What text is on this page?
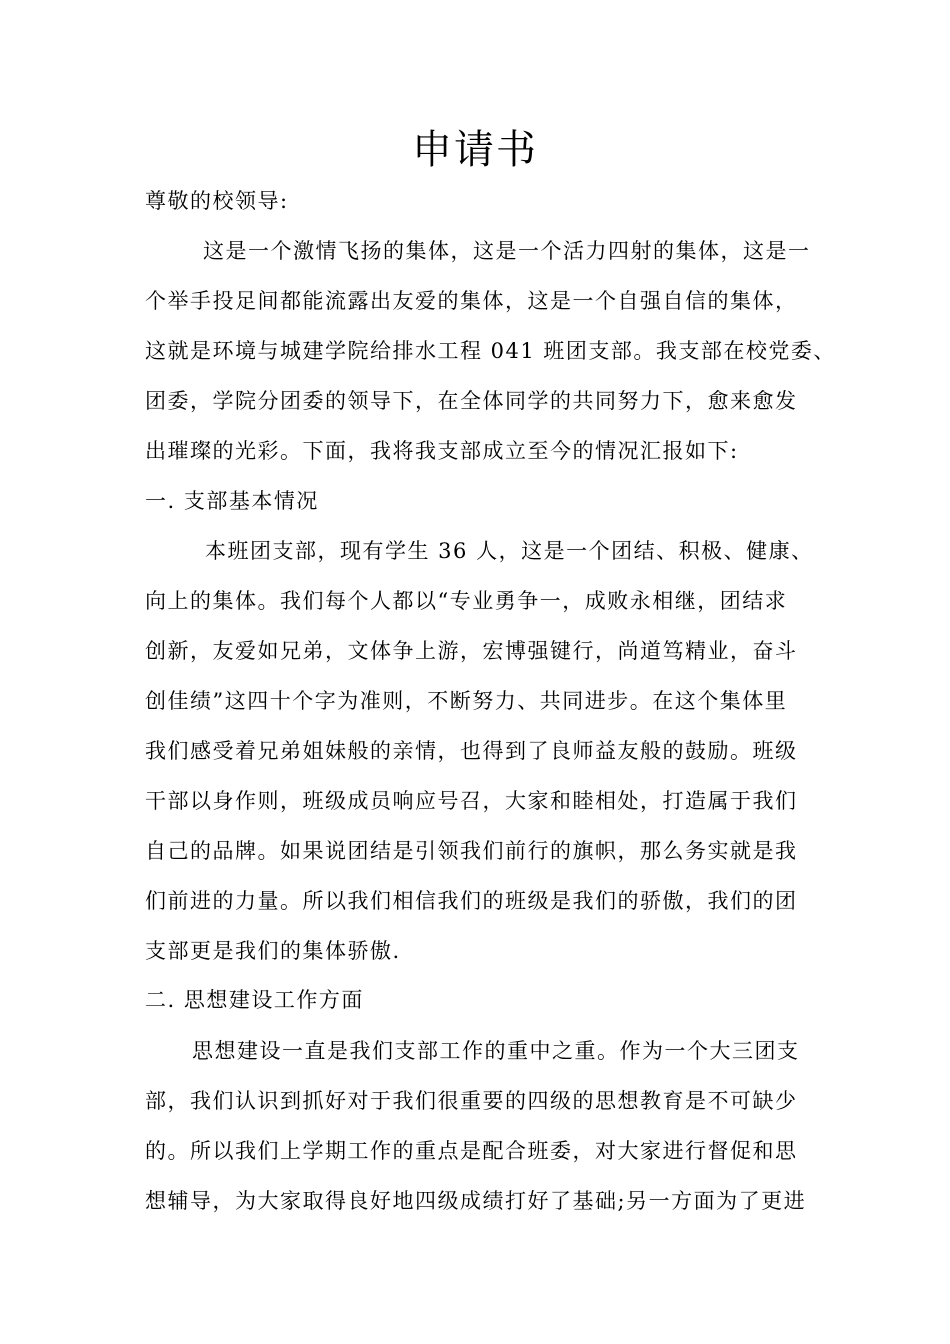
申请书
尊敬的校领导:
这是一个激情飞扬的集体，这是一个活力四射的集体，这是一
个举手投足间都能流露出友爱的集体，这是一个自强自信的集体，
这就是环境与城建学院给排水工程 041 班团支部。我支部在校党委、
团委，学院分团委的领导下，在全体同学的共同努力下，愈来愈发
出璀璨的光彩。下面，我将我支部成立至今的情况汇报如下:
一. 支部基本情况
本班团支部，现有学生 36 人，这是一个团结、积极、健康、
向上的集体。我们每个人都以“专业勇争一，成败永相继，团结求
创新，友爱如兄弟，文体争上游，宏博强键行，尚道笃精业，奋斗
创佳绩”这四十个字为准则，不断努力、共同进步。在这个集体里
我们感受着兄弟姐妹般的亲情，也得到了良师益友般的鼓励。班级
干部以身作则，班级成员响应号召，大家和睦相处，打造属于我们
自己的品牌。如果说团结是引领我们前行的旗帜，那么务实就是我
们前进的力量。所以我们相信我们的班级是我们的骄傲，我们的团
支部更是我们的集体骄傲.
二. 思想建设工作方面
思想建设一直是我们支部工作的重中之重。作为一个大三团支
部，我们认识到抓好对于我们很重要的四级的思想教育是不可缺少
的。所以我们上学期工作的重点是配合班委，对大家进行督促和思
想辅导，为大家取得良好地四级成绩打好了基础;另一方面为了更进
